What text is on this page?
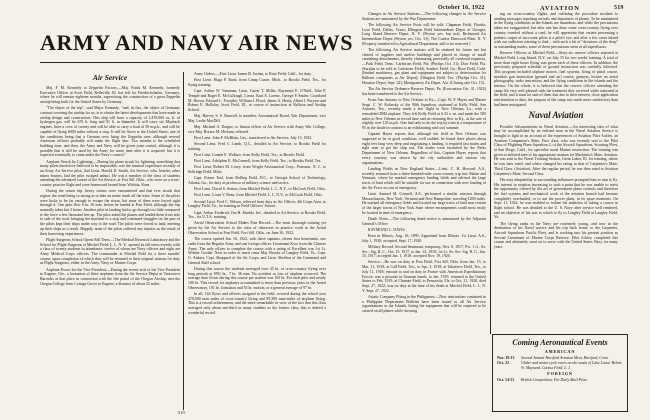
October 16, 1922	AVIATION	519
ARMY AND NAVY AIR NEWS
Air Service

Maj. F. M. Kennedy to Zeppelin Factory.—Maj. Frank M. Kennedy, formerly Executive Officer at Scott Field, Belleville, Ill. has left for Friedrichshafen, Germany, where he will remain eighteen months, supervising the construction of a great Zeppelin airship being built for the United States by Germany.

"The object of the trip", said Major Kennedy, "and, in fact, the object of Germany contract covering the airship for us, is to obtain the latest developments that have made in airship design and construction. This ship will have a capacity of 2,470,000 cu. ft. of hydrogen gas, will be 676 ft. long and 91 ft. in diameter. It will carry six Maybach engines, have a crew of twenty and will be able to carry a load of 50 m.p.h., and will be capable of flying 6000 miles without a stop. It will be flown to the United States, one of the conditions being that a German crew bring the Zeppelin over, although several American officers probably will make the flight also. Two months is the scheduled building time, and then, the Army and Navy will be given joint control, although it is possible that it will be used by the Army for some time after it is acquired, but it is expected eventually to come under the Navy's control."

Airplane Struck by Lightning.—During his plane struck by lightning, something that many pilots heretofore believed to be impossible, was the unusual experience recently of an Army Air Service pilot, 2nd Lieut. Harold D. Smith, Air Service, who, besides other minor bruises, had the pilot escaped unhurt. He was a member of the class of students attending the advanced course of the Air Service, at Fort Sill, Okla., who were on a cross-country practice flight and were homeward bound from Wichita, Kans.

During the return trip, heavy storms were encountered and that ever struck that region, the wind being so strong as to take an entire trunk off the train. Some of the pilots were lucky to be far enough to escape the storm, but none of them were forced right through it. One pilot flew 6 hr. 30 min. before he landed at Post Field, although the trip normally takes but 3 hours. Another pilot in landing had to go through too little compared to the force a few thousand feet up. The pilot asked the planes and landed them from side to side of the road, bringing the machine to a stop and continued struggles on the part of the pilots kept their ships under way to the road. The pilots were forced to land, meeting up their ships as a result. Happily, none of the pilots suffered any injuries as the result of their harrowing experiences.

Flight Surgeons School Opens Fall Term.—The Medical Research Laboratory and the School for Flight Surgeons at Mitchel Field, L. I., N. Y., opened its fall term recently with a class of twenty students in attendance, twelve of whom are Navy officers and eight are Army Medical Corps officers. The commander at Mitchel Field for a three months' course, upon completion of which they will be returned to their original stations for duty as Flight Surgeons, either in the Army, Navy or Marine Corps.

Airplane Escort for the Vice President.—During the recent visit of the Vice President to Eugene, Ore., a formation of three airplanes from the Air Service Depot at Vancouver Barracks at that place in connection with the fire patrol of the Oregon Airship, met the Oregon College from Cottage Grove to Eugene, a distance of about 25 miles.

Army Orders.—First Lieut. James B. Jordan, to Rose Field, Calif., for duty.

First Lieut. Hugo P. Rush, from Camp Custer, Mich., to Brooks Field, Tex., for flying training.

Capt. Arthur W. Vanaman, Lieut. Carter T. Miller, Raymond E. O'Neill, John P. Temple and Roger E. McCullough, Lieuts. Kurt S. Lorenz, George P. Snider, Courtland M. Brown, Edward L. Forsythe, William J. Flood, James A. Healy, Albert I. Puryear and Robert E. Holliday, Scott Field, Ill., to course of instruction at Balloon and Airship School.

Maj. Harvey S. S. Burwell, to member, Aeronautical Board, War Department, vice Maj. Leslie MacDill.

Maj. Michael A. Dargue, to liaison officer of Air Service with Army War College, vice Maj. Horace M. Hickam, relieved.

First Lieut. John F. McBlain, Cav., transferred to Air Service, July 15, 1922.

Second Lieut. Fred C. Lamb, Q.C., detailed to Air Service, to Brooks Field for training.

First Lieut. Lonnie E. Wallace, from Kelly Field, Tex., to Brooks Field.

First Lieut. Adolphus E. McConnell, from Kelly Field, Tex., to Brooks Field, Tex.

First Lieut. Robert M. Losey, from Wright Aeronautical Corp., Paterson, N. J., to Selfridge Field, Mich.

Capt. Ernest Tool, from Bolling Field, D.C., to Georgia School of Technology, Atlanta, Ga., for duty as professor of military science and tactics.

First Lieut. David S. Seaton, from Mitchel Field, L. I., N.Y., to McCook Field, Ohio.

First Lieut. Louis V. Beau, from Mitchel Field, L. I., N.Y., to McCook Field, Ohio.

Second Lieut. Fred C. Nelson, relieved from duty as Air Officer, 4th Corps Area, to Langley Field, Va., for training in Field Officers' School.

Capt. Arthur Frederick Von H. Kimble, Inf., detailed to Air Service, to Brooks Field, Tex., for U.T.A. training.

Aerial Observation School Makes Fine Record.—The most thorough training yet given by the Air Service to the class of observers in practice work at the Aerial Observation School at Post Field, Fort Sill, Okla., on June 30, 1922.

The course opened Jan. 16, 1922, with these captains, eleven first lieutenants, one cadet from the Regular Army and one foreign officer, Lieutenant Kwo from the Chinese Army. The only officer to complete the course with a rating of Excellent was 1st Lt. Wilmer Gooder. Next in order of merit came Maj. Brooks of Langley Field, Va., Capt. G. Ankers, Capt. Sheppard of the Air Corps, and Lieut. Sheldon of the Command and General Staff school.

During this course the students averaged over 45 hr. of cross-country flying over long periods at 85% hr., 7 hr. 36 min. No accident or loss of airplane occurred. The average time flown during this course per student was 165 hr. For each pilot and nearly 100 hr. This record for airplanes accumulated is more than previous years in the Aerial Observatory, 101 hr. formation and 53 hr. motion, or a general average of 97 hr.

In all, 144 flyers and officers assigned to the field, covered during the school year 470,000 man miles of cross-country flying and 89,200 man-miles of airplane flying. This is a record achievement, and the more remarkable in view of the fact that this class averaged only about one-third as many students as the former class, this is indeed a wonderful record.

Changes in Air Service Stations.—The following changes in Air Service Stations are announced by the War Department:

The following Air Service Posts will be sold: Chapman Field, Florida; Love Field, Dallas, Texas; Ellington Field Intermediate Depot of Georgia; Long Island Reserve Depot, N. Y. (Peyton yes, but not); Richmond Air Intermediate Depot (Peyton yes, Oct. 31); The Curtiss Elmwood Plant, N. Y. (Property transferred to Agricultural Department, still to be reserved.)

The following Air Service stations will be retained for future use but cleared of supplies and useless buildings and placed in charge of small caretaking detachments, thereby eliminating practically all overhead expenses.—Park Field, Tenn.; Carlstrom Field, Fla. (Phylips Oct. 31); Dorr Field, Fla. (Surplus to be sold at Carlstrom Field); Souther Field, Ga.; Rose Field, Calif. (limited machinery, gas plant and equipment not subject to deterioration for Balloon companies at Air Depot); Ellington Field, Tex. (Phylips Oct. 31); Houston Depot, Sept. 22); Montgomery Air Depot, Ala. (Closing sale Oct. 15).

The Air Service Ordnance Reserve Depot, Pa. (Evacuation Oct. 31, 1922) has been transferred to the Air Service.

From San Antonio to New Orleans to Ky.—Capt. W. F. Hayes and Master Sergt. C. W. Kolinsky of the 90th Squadron, stationed at Kelly Field, San Antonio, Tex., recently made a test flight to New Orleans, La., with a remodeled DH4 airplane. They left Kelly Field at 6.33 a. m. and made the 500 miles to New Orleans in record time and on returning flew to Ky., at the rate of slightly over 125 m.p.h. One had only to do the trip by train at a temperature of 95 in the shade in contrast to an exhilarating and cool summer.

Captain Hayes reports that, although the field at New Orleans was supposed to be in good condition, well sodded, he found three places about eight feet long very deep and negotiating a landing, it required fast mates and right men to get the ship out. The mules were furnished by the Parks Department of New Orleans. Regardless of this, Captain Hayes reports that every courtesy was shown by the city authorities and various city organizations.

Landing Fields in New England States.—Lieut. C. H. Howard, A.S., recently returned from a three-hundred-mile cross-country trip into Maine and Vermont, where he marked emergency landing fields and advised the large tracts of land which will be suitable for use in connection with new landing of the Air Force in case of emergency.

Lieut. Samuel M. Connell, A.S., performed a similar mission through Massachusetts, New York, Vermont and New Hampshire, traveling 1200 miles. He marked all emergency fields and located my large tracts of land near certain of the larger towns of New York State where encampments could most easily be located in time of emergency.

Death Notes.—The following death notice is announced by the Adjutant General's Office:

RAYMOND C. DAVIS

Born in Illinois, Aug. 16, 1899. Appointed from Illinois. 1st Lieut. A.S., July 1, 1920; accepted, Sept. 17, 1920.

Military Record: Second lieutenant, temporary, Nov. 8, 1917; Pvt. 1 cl., Av. Sec., Sig. R. C., Oct. 15, 1917, to Jan. 14, 1918; 1st Lt. Av. Sec. Sig. R. C., Jan. 15, 1917; accepted Jan. 1, 1918; accepted Nov. 19, 1920.

Service.—He was on duty at Post Field, Fort Sill, Okla. from Jan. 15, to Mar. 11, 1918; at Call Field, Tex., to Apr. 3, 1918; at Taliaferro Field, Tex., to July 11, 1918; enroute to and on duty in France with American Expeditionary Forces; was a prisoner in German hands, to Jan. 1919, returned to the United States to Feb. 1919, at Chanute Field, to Pensacola, Fla. to Oct. 21, 1920, died Sept. 27, 1922; was on duty at the time of his death at Mitchel Field, L. I., N. Y. Sept. 27, 1922.

Asiatic Company Flying in the Philippines.—New instructions contained in a Philippine Department Bulletin have been issued to all Air Service organizations in the Islands, listing the equipment that will be required to be carried on all planes while showing

ing on cross-country flights, and outlining the procedure incident to sending messages reporting arrivals and departures of planes. To be maintained in the flying conditions in the Islands are hazardous, and while the precautions taken are exaggerated, but after one has done some cross-country flying over country traveled without a road, he will appreciate that certain preventing a pathetic carpet of succorant pilots is a pilot's eye, and after a few cases inland with out sufficient warning to find – with such a bit of "decisions of the deep" as outstanding marks, some of these precautions seem at all superfluous.

Reserve Officers at Mitchel Field.—Sixty-six reserve officers reported at Mitchel Field, Long Island, N.Y., on July 15 for two weeks' training. A total of more than eight hours flying was given each of these officers. In addition, the previously prepared schedule of ground instruction was carefully followed. This program included airplane motors, fuel systems, firing of pistol course, machine gun instruction (ground and air) course, gunnery, lecture on aerial photography, radio instruction, and the flying conditions in the islands and the interior. On the whole, it is believed that the reserve officers attending the camp felt very well pleased with the treatment they received while stationed at the field, and it must be said of them that due to their interest, close application and attention to duty, the purpose of the camp was much more satisfactory than had been anticipated.

Naval Aviation

Possible Advancements in Naval Aviation.—An interesting idea of what may be accomplished by an enlisted man in the Naval Aviation Service is brought to light in an account of the experiences of Aviation Pilot Ackley, an Aviation Companion's Mate, First class, who was recently sent to the Pilot Class of Flighting Plane Squadron 2, of the Aircraft Squadrons, Scouting Fleet, at San Diego, Calif., for specialist naval Marine instruction. The training was given to enlisted men of his appropriate seamen for Machinist's Mate, Aviation. He was sent to the Naval Training Station, Great Lakes, Ill. for training, where he was later rated, and where changed his rating to that of Carpenter's Mate, Third Class. (Aviation). After the regular period, he was then rated to Aviation Carpenter's Mate, Second Class.

His easy adaptability to surrounding influences prompted him to turn to fly. His interest in aviation increasing to such a point that he was unable to resist the opportunity offered by the act of government plane controls and therefore the fuel systems and mechanical work of the aviation branch had become completely overhauled, or to use the power plant, in its spare moments. On Sept. 11, 1922, he was enabled to realize his ambition of taking a course in flight school. He was detailed to the U. S. Navy after service well rendered, and an objective of his was to which to fly to Langley Field at Langley Field, Va.

The flying ranks in the Navy are extremely young, and now in the destination of his Naval service and his trip back home, to the Carpenter, Aircraft Squadrons Pacific Fleet, and is working into his present position as Second Lieutenant of Marine Corps Reserve. Pilot Ackley completed this course and ultimately went on to serve with the United States Navy for many years.

Coming Aeronautical Events
AMERICAN
Nov. 10-13	Second Annual Hartford Aviation Meet, Hartford, Conn.
Oct. 22	Glider and motor cycle races on the sands of Lake Lanai. Belvia W. Maynard, Curtiss Field, L. I.
FOREIGN
Oct. 14-31	British Competition. For Daily Mail Prize.
519
